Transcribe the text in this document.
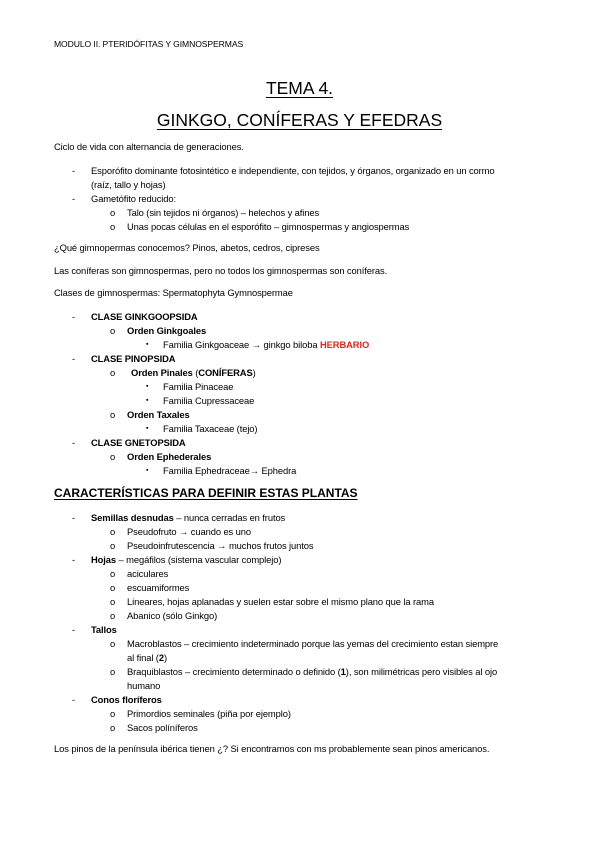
MODULO II. PTERIDÓFITAS Y GIMNOSPERMAS
TEMA 4.
GINKGO, CONÍFERAS Y EFEDRAS
Ciclo de vida con alternancia de generaciones.
- Esporófito dominante fotosintético e independiente, con tejidos, y órganos, organizado en un cormo
(raíz, tallo y hojas)
- Gametófito reducido:
o Talo (sin tejidos ni órganos) – helechos y afines
o Unas pocas células en el esporófito – gimnospermas y angiospermas
¿Qué gimnopermas conocemos? Pinos, abetos, cedros, cipreses
Las coníferas son gimnospermas, pero no todos los gimnospermas son coníferas.
Clases de gimnospermas: Spermatophyta Gymnospermae
- CLASE GINKGOOPSIDA
o Orden Ginkgoales
▪ Familia Ginkgoaceae → ginkgo biloba HERBARIO
- CLASE PINOPSIDA
o Orden Pinales (CONÍFERAS)
▪ Familia Pinaceae
▪ Familia Cupressaceae
o Orden Taxales
▪ Familia Taxaceae (tejo)
- CLASE GNETOPSIDA
o Orden Ephederales
▪ Familia Ephedraceae→ Ephedra
CARACTERÍSTICAS PARA DEFINIR ESTAS PLANTAS
- Semillas desnudas – nunca cerradas en frutos
o Pseudofruto → cuando es uno
o Pseudoinfrutescencia → muchos frutos juntos
- Hojas – megáfilos (sistema vascular complejo)
o aciculares
o escuamiformes
o Lineares, hojas aplanadas y suelen estar sobre el mismo plano que la rama
o Abanico (sólo Ginkgo)
- Tallos
o Macroblastos – crecimiento indeterminado porque las yemas del crecimiento estan siempre
al final (2)
o Braquiblastos – crecimiento determinado o definido (1), son milimétricas pero visibles al ojo
humano
- Conos floríferos
o Primordios seminales (piña por ejemplo)
o Sacos políníferos
Los pinos de la península ibérica tienen ¿? Si encontramos con ms probablemente sean pinos americanos.
